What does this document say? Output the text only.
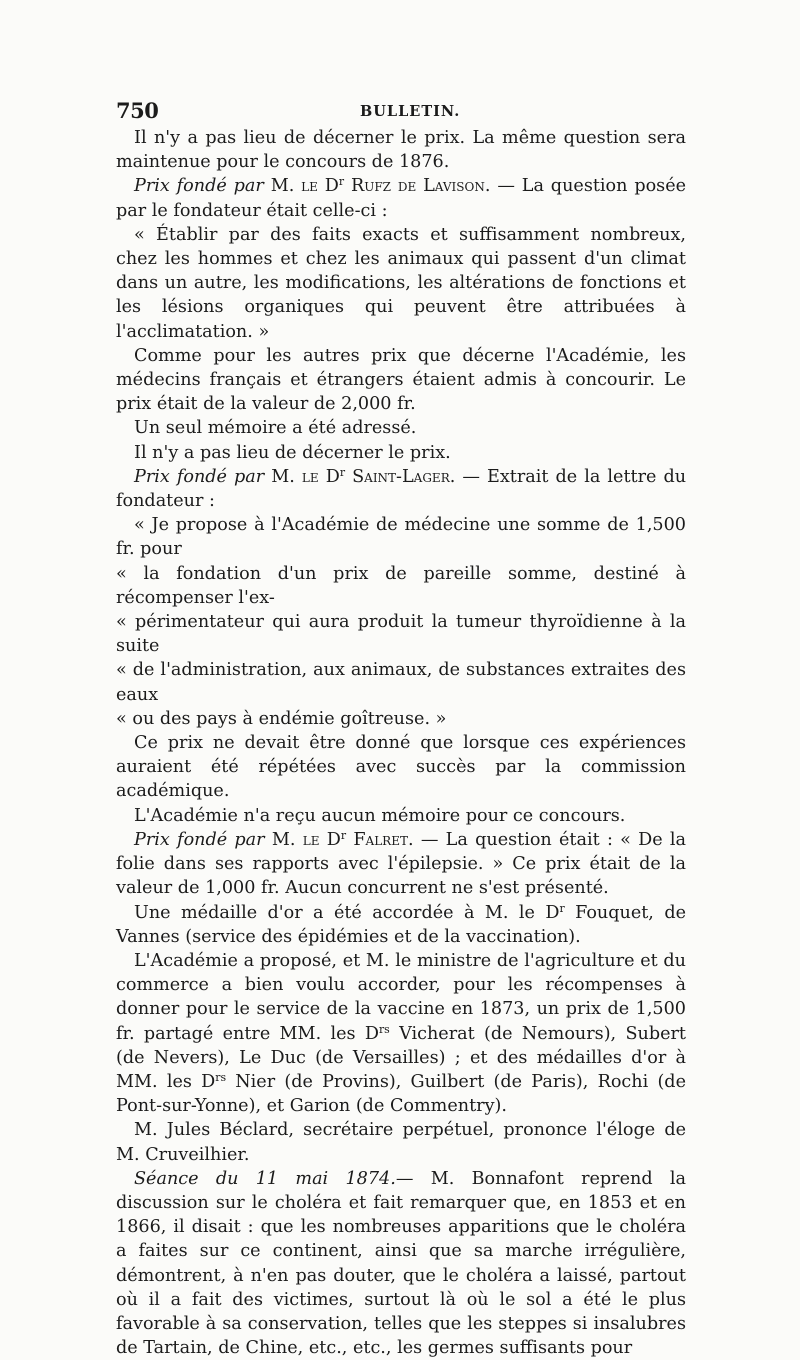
750	BULLETIN.

Il n'y a pas lieu de décerner le prix. La même question sera maintenue pour le concours de 1876.

Prix fondé par M. le $D^r$ Rufz de Lavison. — La question posée par le fondateur était celle-ci :

« Établir par des faits exacts et suffisamment nombreux, chez les hommes et chez les animaux qui passent d'un climat dans un autre, les modifications, les altérations de fonctions et les lésions organiques qui peuvent être attribuées à l'acclimatation. »

Comme pour les autres prix que décerne l'Académie, les médecins français et étrangers étaient admis à concourir. Le prix était de la valeur de 2,000 fr.

Un seul mémoire a été adressé.

Il n'y a pas lieu de décerner le prix.

Prix fondé par M. le $D^r$ Saint-Lager. — Extrait de la lettre du fondateur :

« Je propose à l'Académie de médecine une somme de 1,500 fr. pour

« la fondation d'un prix de pareille somme, destiné à récompenser l'ex-

« périmentateur qui aura produit la tumeur thyroïdienne à la suite

« de l'administration, aux animaux, de substances extraites des eaux

« ou des pays à endémie goîtreuse. »

Ce prix ne devait être donné que lorsque ces expériences auraient été répétées avec succès par la commission académique.

L'Académie n'a reçu aucun mémoire pour ce concours.

Prix fondé par M. le $D^r$ Falret. — La question était : « De la folie dans ses rapports avec l'épilepsie. » Ce prix était de la valeur de 1,000 fr. Aucun concurrent ne s'est présenté.

Une médaille d'or a été accordée à M. le $D^r$ Fouquet, de Vannes (service des épidémies et de la vaccination).

L'Académie a proposé, et M. le ministre de l'agriculture et du commerce a bien voulu accorder, pour les récompenses à donner pour le service de la vaccine en 1873, un prix de 1,500 fr. partagé entre MM. les $D^{rs}$ Vicherat (de Nemours), Subert (de Nevers), Le Duc (de Versailles) ; et des médailles d'or à MM. les $D^{rs}$ Nier (de Provins), Guilbert (de Paris), Rochi (de Pont-sur-Yonne), et Garion (de Commentry).

M. Jules Béclard, secrétaire perpétuel, prononce l'éloge de M. Cruveilhier.

Séance du 11 mai 1874.— M. Bonnafont reprend la discussion sur le choléra et fait remarquer que, en 1853 et en 1866, il disait : que les nombreuses apparitions que le choléra a faites sur ce continent, ainsi que sa marche irrégulière, démontrent, à n'en pas douter, que le choléra a laissé, partout où il a fait des victimes, surtout là où le sol a été le plus favorable à sa conservation, telles que les steppes si insalubres de Tartain, de Chine, etc., etc., les germes suffisants pour
